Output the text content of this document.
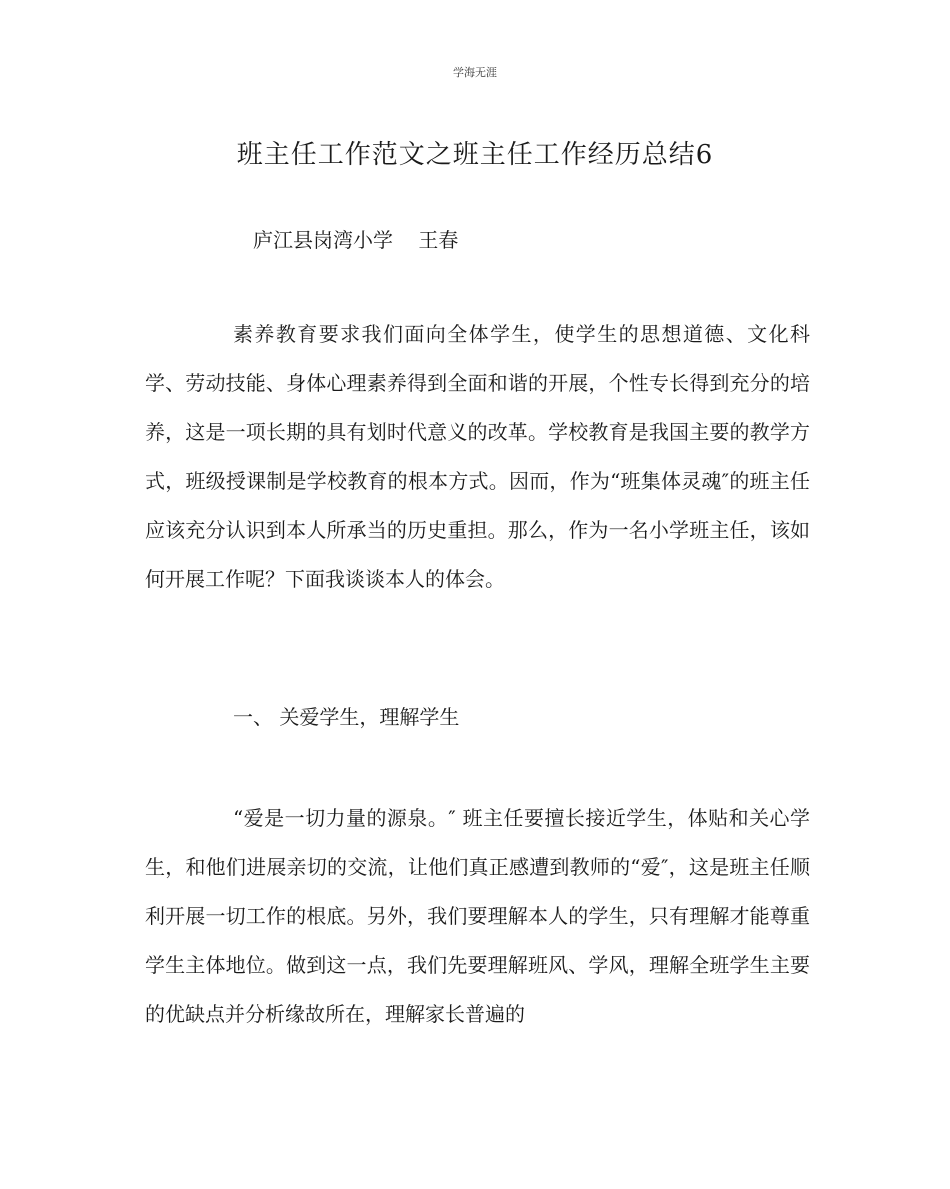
学海无涯
班主任工作范文之班主任工作经历总结6
庐江县岗湾小学    王春

素养教育要求我们面向全体学生，使学生的思想道德、文化科学、劳动技能、身体心理素养得到全面和谐的开展，个性专长得到充分的培养，这是一项长期的具有划时代意义的改革。学校教育是我国主要的教学方式，班级授课制是学校教育的根本方式。因而，作为“班集体灵魂″的班主任应该充分认识到本人所承当的历史重担。那么，作为一名小学班主任，该如何开展工作呢？下面我谈谈本人的体会。

一、 关爱学生，理解学生

“爱是一切力量的源泉。″ 班主任要擅长接近学生，体贴和关心学生，和他们进展亲切的交流，让他们真正感遭到教师的“爱″，这是班主任顺利开展一切工作的根底。另外，我们要理解本人的学生，只有理解才能尊重学生主体地位。做到这一点，我们先要理解班风、学风，理解全班学生主要的优缺点并分析缘故所在，理解家长普遍的
